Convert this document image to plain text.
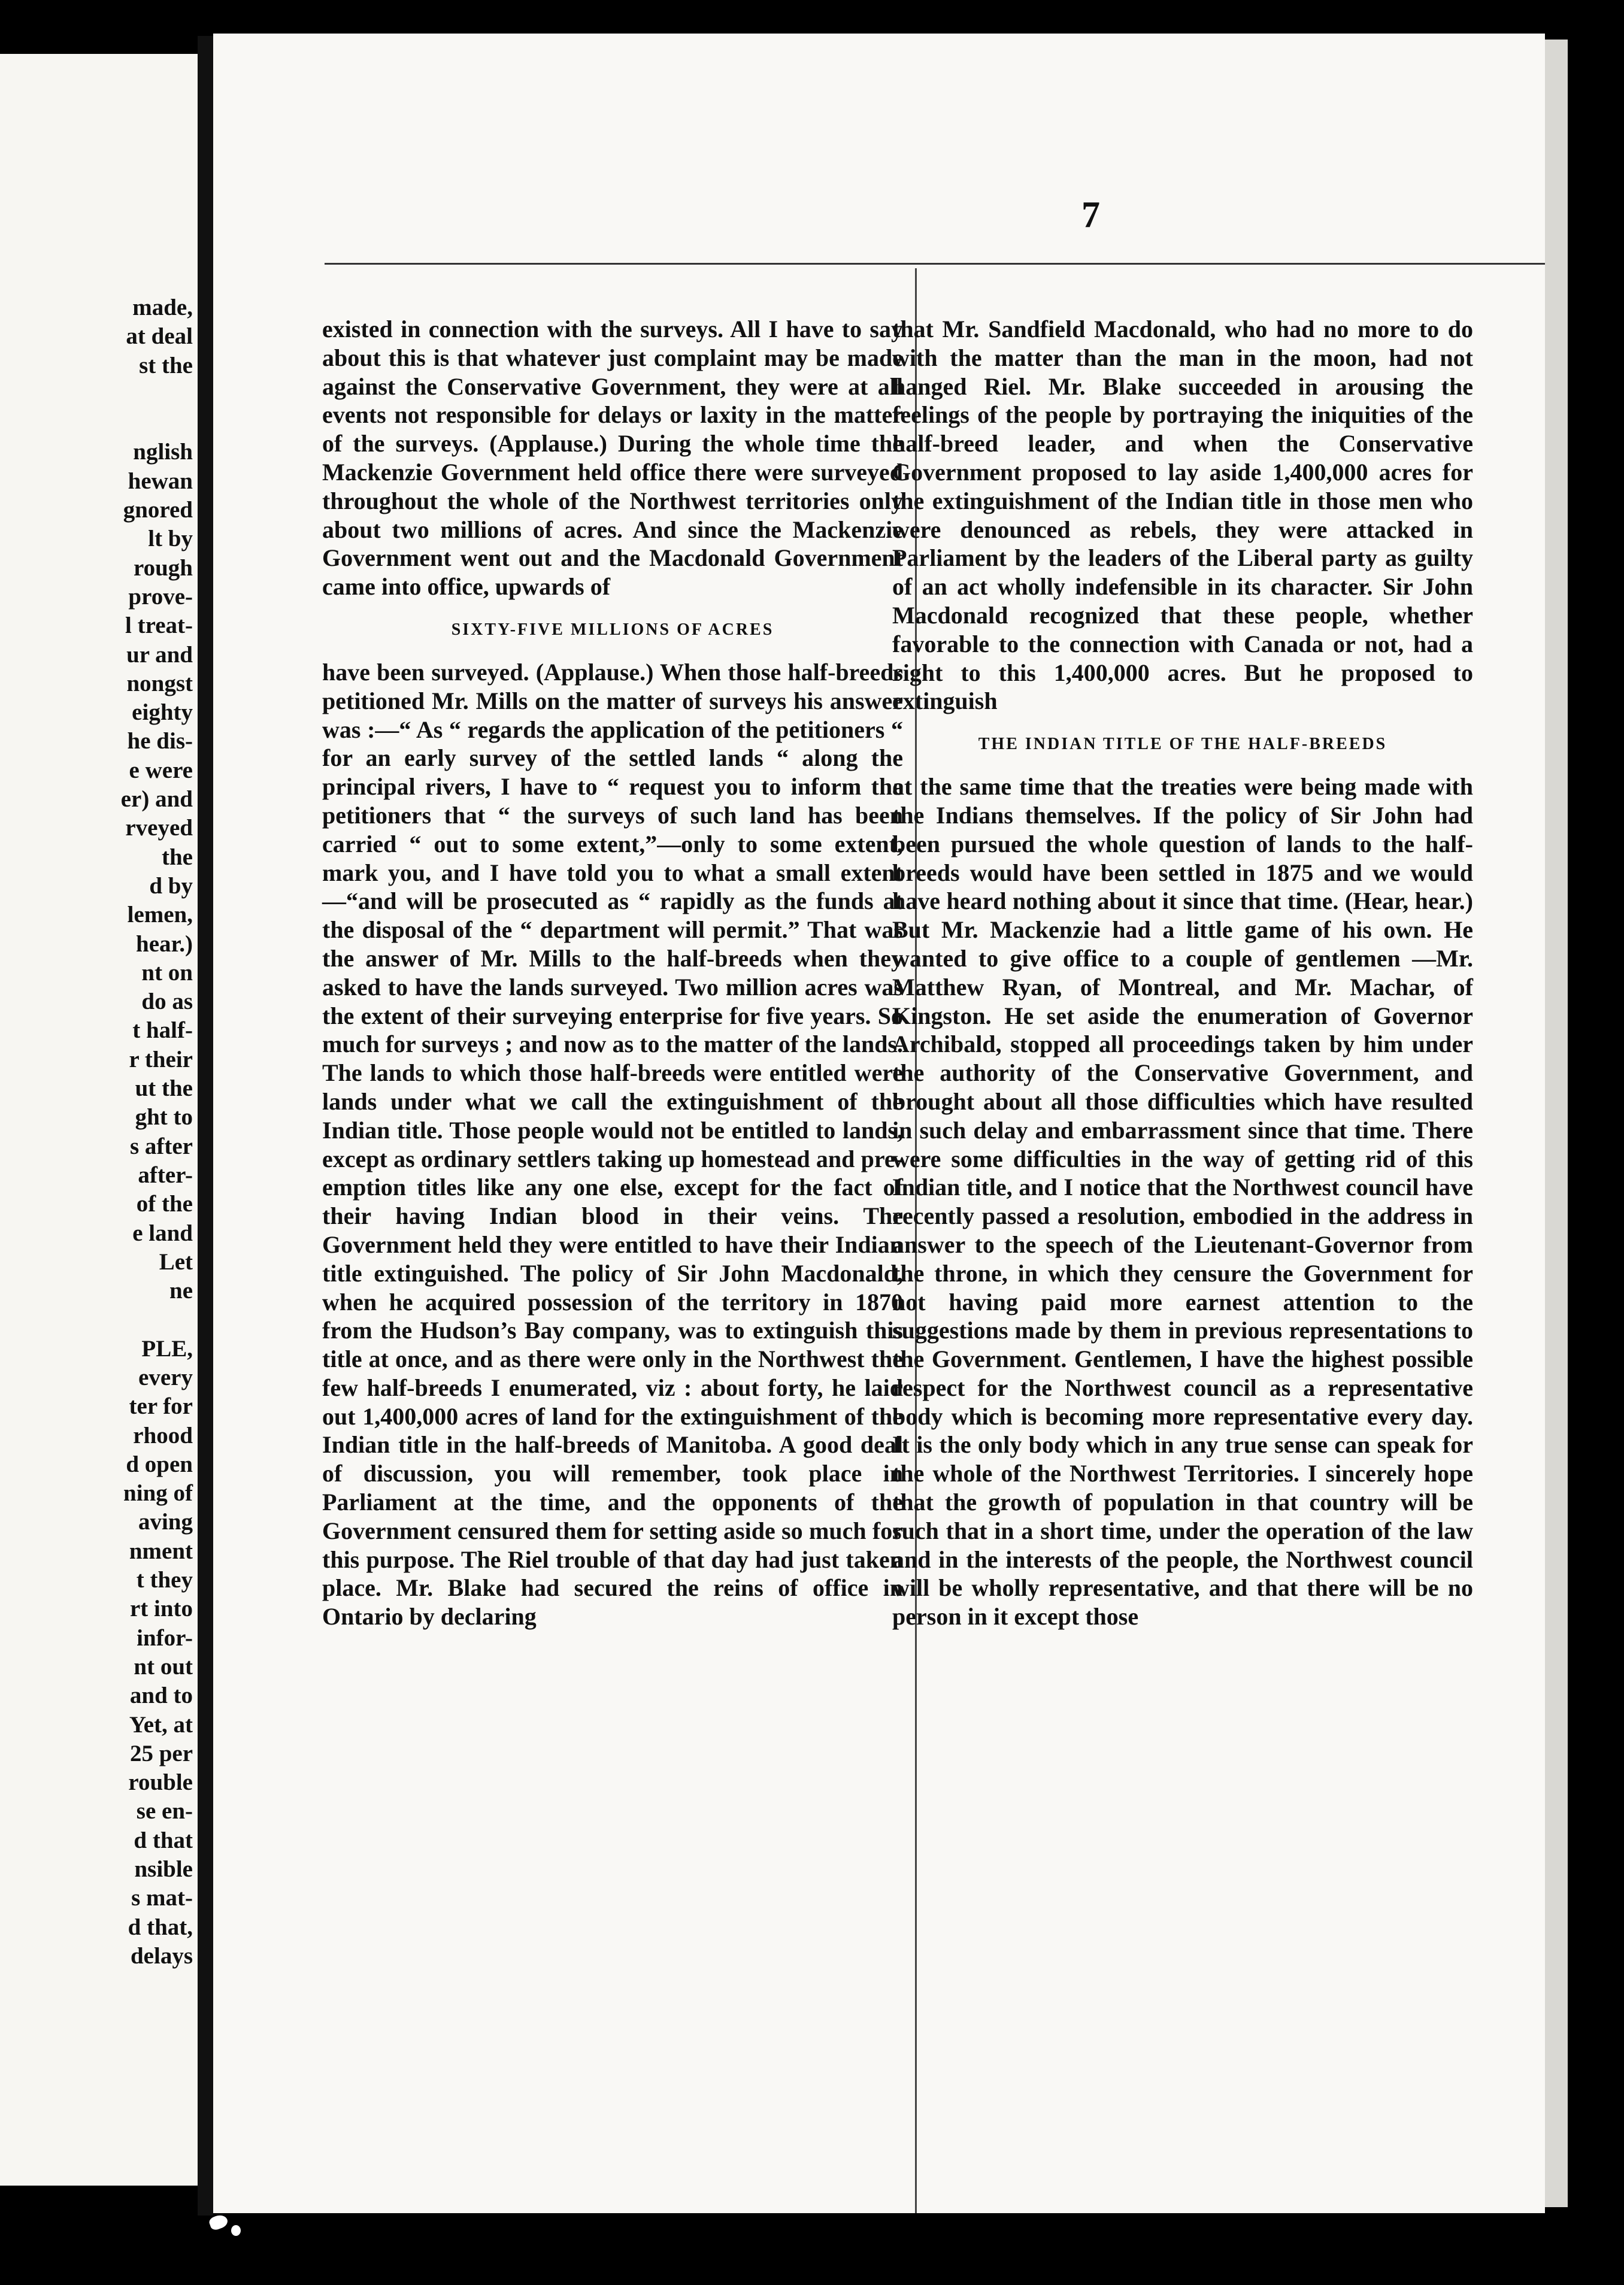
made,
at deal
st the

nglish
hewan
gnored
lt by
rough
prove-
l treat-
ur and
nongst
eighty
he dis-
e were
er) and
rveyed
the
d by
lemen,
hear.)
nt on
do as
t half-
r their
ut the
ght to
s after
after-
of the
e land
Let
ne

PLE,
every
ter for
rhood
d open
ning of
aving
nment
t they
rt into
infor-
nt out
and to
Yet, at
25 per
rouble
se en-
d that
nsible
s mat-
d that,
delays
7

existed in connection with the surveys. All I have to say about this is that whatever just complaint may be made against the Conservative Government, they were at all events not responsible for delays or laxity in the matter of the surveys. (Applause.) During the whole time the Mackenzie Government held office there were surveyed throughout the whole of the Northwest territories only about two millions of acres. And since the Mackenzie Government went out and the Macdonald Government came into office, upwards of

SIXTY-FIVE MILLIONS OF ACRES

have been surveyed. (Applause.) When those half-breeds petitioned Mr. Mills on the matter of surveys his answer was :—“ As “ regards the application of the petitioners “ for an early survey of the settled lands “ along the principal rivers, I have to “ request you to inform the petitioners that “ the surveys of such land has been carried “ out to some extent,”—only to some extent, mark you, and I have told you to what a small extent—“and will be prosecuted as “ rapidly as the funds at the disposal of the “ department will permit.” That was the answer of Mr. Mills to the half-breeds when they asked to have the lands surveyed. Two million acres was the extent of their surveying enterprise for five years. So much for surveys ; and now as to the matter of the lands. The lands to which those half-breeds were entitled were lands under what we call the extinguishment of the Indian title. Those people would not be entitled to lands, except as ordinary settlers taking up homestead and pre-emption titles like any one else, except for the fact of their having Indian blood in their veins. The Government held they were entitled to have their Indian title extinguished. The policy of Sir John Macdonald, when he acquired possession of the territory in 1870 from the Hudson’s Bay company, was to extinguish this title at once, and as there were only in the Northwest the few half-breeds I enumerated, viz : about forty, he laid out 1,400,000 acres of land for the extinguishment of the Indian title in the half-breeds of Manitoba. A good deal of discussion, you will remember, took place in Parliament at the time, and the opponents of the Government censured them for setting aside so much for this purpose. The Riel trouble of that day had just taken place. Mr. Blake had secured the reins of office in Ontario by declaring

that Mr. Sandfield Macdonald, who had no more to do with the matter than the man in the moon, had not hanged Riel. Mr. Blake succeeded in arousing the feelings of the people by portraying the iniquities of the half-breed leader, and when the Conservative Government proposed to lay aside 1,400,000 acres for the extinguishment of the Indian title in those men who were denounced as rebels, they were attacked in Parliament by the leaders of the Liberal party as guilty of an act wholly indefensible in its character. Sir John Macdonald recognized that these people, whether favorable to the connection with Canada or not, had a right to this 1,400,000 acres. But he proposed to extinguish

THE INDIAN TITLE OF THE HALF-BREEDS

at the same time that the treaties were being made with the Indians themselves. If the policy of Sir John had been pursued the whole question of lands to the half-breeds would have been settled in 1875 and we would have heard nothing about it since that time. (Hear, hear.) But Mr. Mackenzie had a little game of his own. He wanted to give office to a couple of gentlemen —Mr. Matthew Ryan, of Montreal, and Mr. Machar, of Kingston. He set aside the enumeration of Governor Archibald, stopped all proceedings taken by him under the authority of the Conservative Government, and brought about all those difficulties which have resulted in such delay and embarrassment since that time. There were some difficulties in the way of getting rid of this Indian title, and I notice that the Northwest council have recently passed a resolution, embodied in the address in answer to the speech of the Lieutenant-Governor from the throne, in which they censure the Government for not having paid more earnest attention to the suggestions made by them in previous representations to the Government. Gentlemen, I have the highest possible respect for the Northwest council as a representative body which is becoming more representative every day. It is the only body which in any true sense can speak for the whole of the Northwest Territories. I sincerely hope that the growth of population in that country will be such that in a short time, under the operation of the law and in the interests of the people, the Northwest council will be wholly representative, and that there will be no person in it except those
